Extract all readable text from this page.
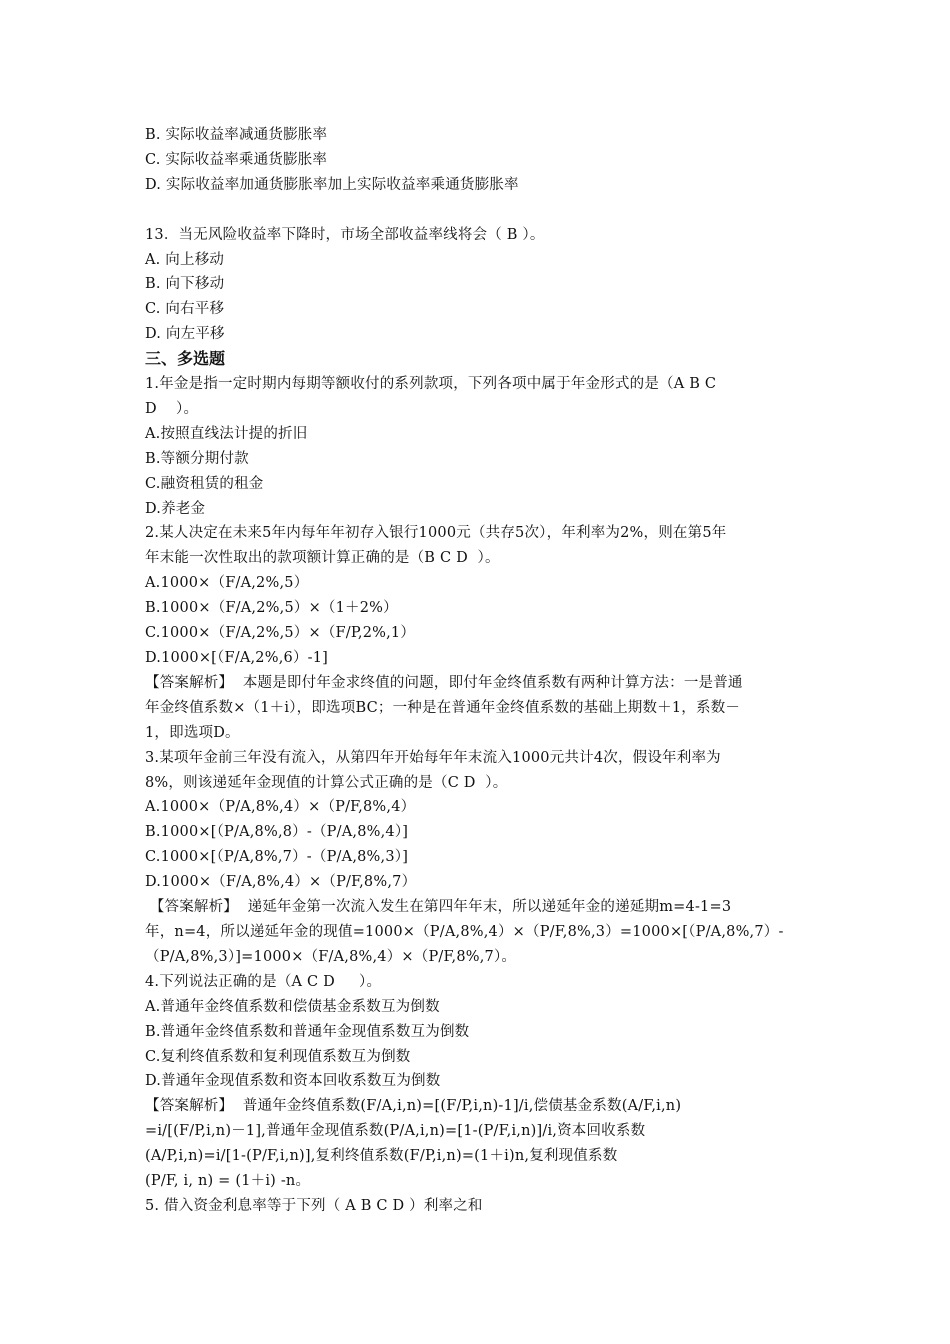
B. 实际收益率减通货膨胀率
C. 实际收益率乘通货膨胀率
D. 实际收益率加通货膨胀率加上实际收益率乘通货膨胀率
13．当无风险收益率下降时，市场全部收益率线将会（ B ）。
A. 向上移动
B. 向下移动
C. 向右平移
D. 向左平移
三、多选题
1.年金是指一定时期内每期等额收付的系列款项，下列各项中属于年金形式的是（A B C
D    ）。
A.按照直线法计提的折旧
B.等额分期付款
C.融资租赁的租金
D.养老金
2.某人决定在未来5年内每年年初存入银行1000元（共存5次），年利率为2%，则在第5年
年末能一次性取出的款项额计算正确的是（B C D  ）。
A.1000×（F/A,2%,5）
B.1000×（F/A,2%,5）×（1＋2%）
C.1000×（F/A,2%,5）×（F/P,2%,1）
D.1000×[（F/A,2%,6）-1]
【答案解析】  本题是即付年金求终值的问题，即付年金终值系数有两种计算方法：一是普通
年金终值系数×（1＋i），即选项BC；一种是在普通年金终值系数的基础上期数＋1，系数－
1，即选项D。
3.某项年金前三年没有流入，从第四年开始每年年末流入1000元共计4次，假设年利率为
8%，则该递延年金现值的计算公式正确的是（C D  ）。
A.1000×（P/A,8%,4）×（P/F,8%,4）
B.1000×[（P/A,8%,8）-（P/A,8%,4）]
C.1000×[（P/A,8%,7）-（P/A,8%,3）]
D.1000×（F/A,8%,4）×（P/F,8%,7）
【答案解析】  递延年金第一次流入发生在第四年年末，所以递延年金的递延期m=4-1=3
年，n=4，所以递延年金的现值=1000×（P/A,8%,4）×（P/F,8%,3）=1000×[（P/A,8%,7）-
（P/A,8%,3）]=1000×（F/A,8%,4）×（P/F,8%,7）。
4.下列说法正确的是（A C D     ）。
A.普通年金终值系数和偿债基金系数互为倒数
B.普通年金终值系数和普通年金现值系数互为倒数
C.复利终值系数和复利现值系数互为倒数
D.普通年金现值系数和资本回收系数互为倒数
【答案解析】  普通年金终值系数(F/A,i,n)=[(F/P,i,n)-1]/i,偿债基金系数(A/F,i,n)
=i/[(F/P,i,n)－1],普通年金现值系数(P/A,i,n)=[1-(P/F,i,n)]/i,资本回收系数
(A/P,i,n)=i/[1-(P/F,i,n)],复利终值系数(F/P,i,n)=(1＋i)n,复利现值系数
(P/F, i, n) = (1＋i) -n。
5. 借入资金利息率等于下列（ A B C D ）利率之和
